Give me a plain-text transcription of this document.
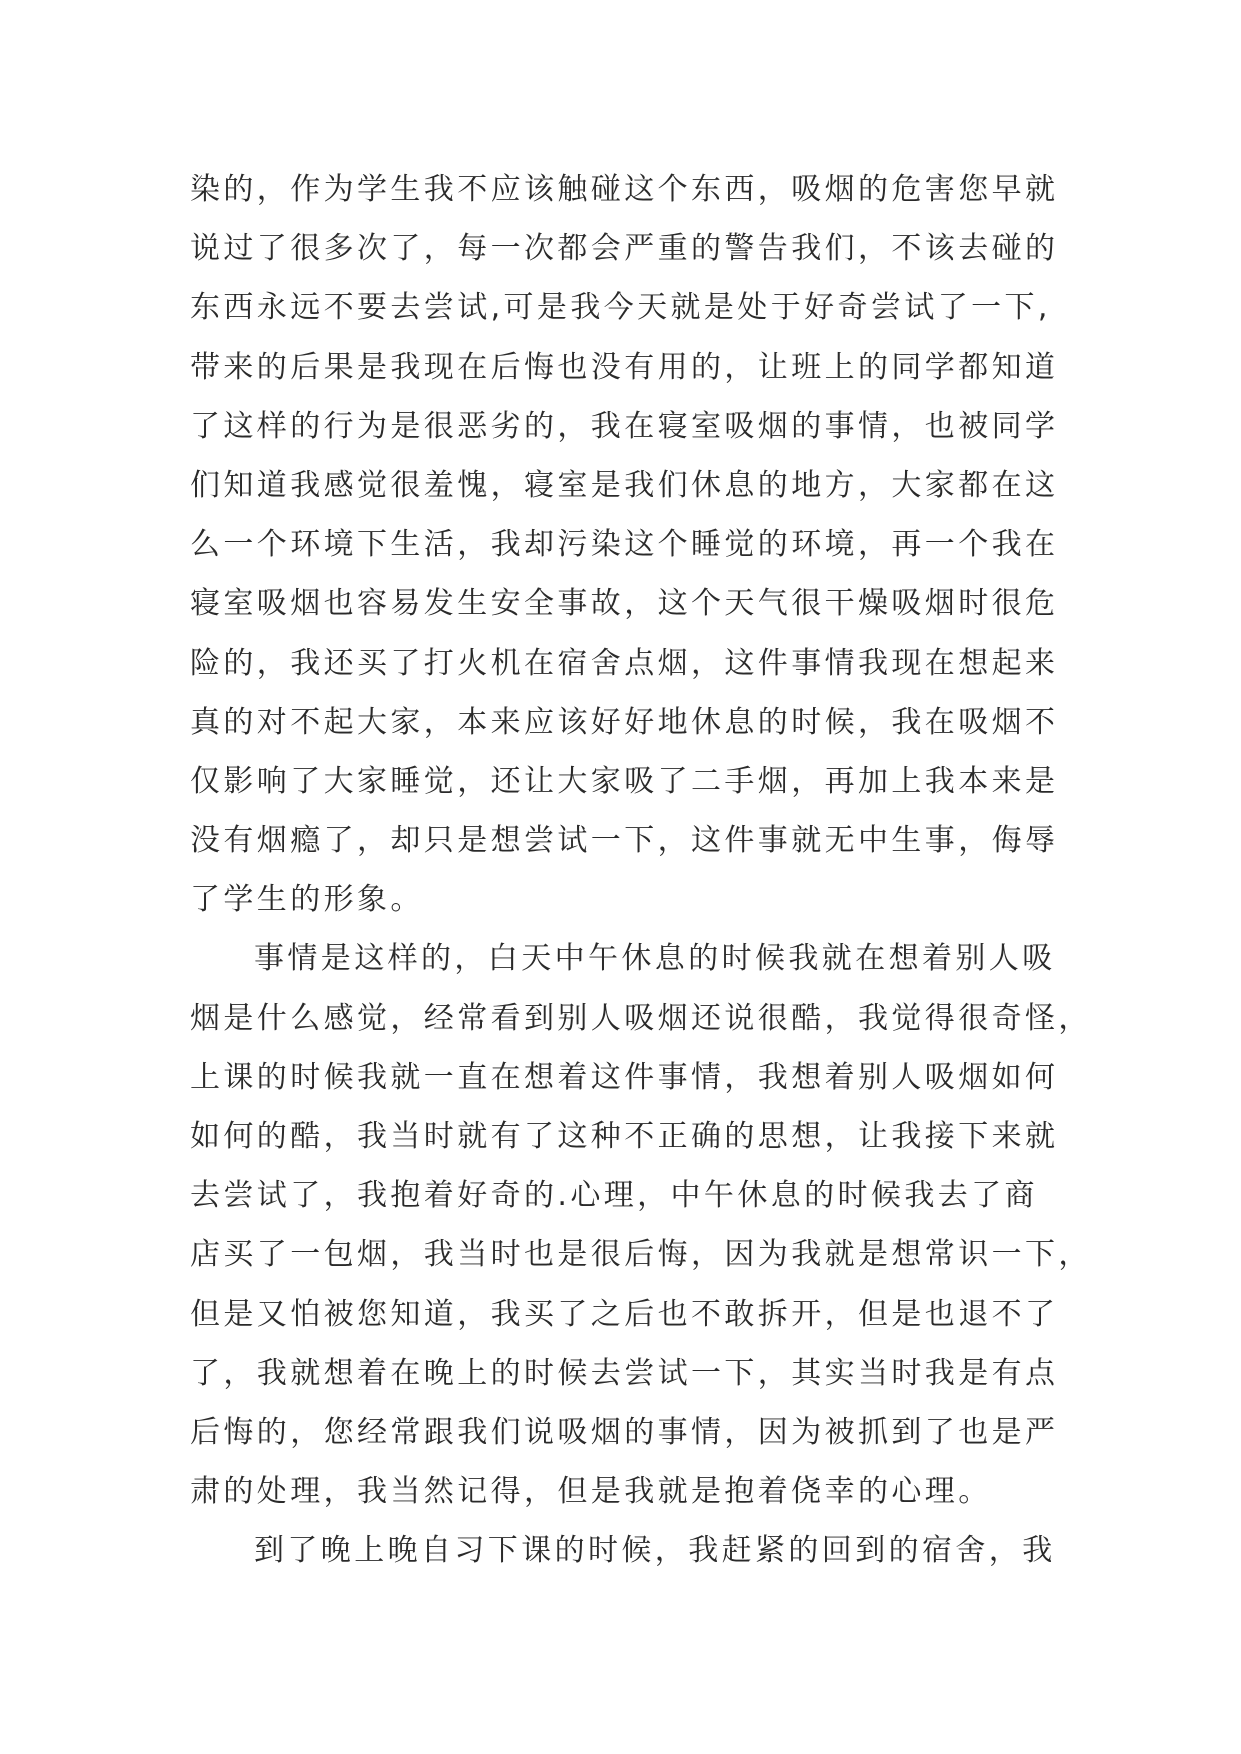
染的，作为学生我不应该触碰这个东西，吸烟的危害您早就
说过了很多次了，每一次都会严重的警告我们，不该去碰的
东西永远不要去尝试,可是我今天就是处于好奇尝试了一下,
带来的后果是我现在后悔也没有用的，让班上的同学都知道
了这样的行为是很恶劣的，我在寝室吸烟的事情，也被同学
们知道我感觉很羞愧，寝室是我们休息的地方，大家都在这
么一个环境下生活，我却污染这个睡觉的环境，再一个我在
寝室吸烟也容易发生安全事故，这个天气很干燥吸烟时很危
险的，我还买了打火机在宿舍点烟，这件事情我现在想起来
真的对不起大家，本来应该好好地休息的时候，我在吸烟不
仅影响了大家睡觉，还让大家吸了二手烟，再加上我本来是
没有烟瘾了，却只是想尝试一下，这件事就无中生事，侮辱
了学生的形象。
事情是这样的，白天中午休息的时候我就在想着别人吸
烟是什么感觉，经常看到别人吸烟还说很酷，我觉得很奇怪，
上课的时候我就一直在想着这件事情，我想着别人吸烟如何
如何的酷，我当时就有了这种不正确的思想，让我接下来就
去尝试了，我抱着好奇的.心理，中午休息的时候我去了商
店买了一包烟，我当时也是很后悔，因为我就是想常识一下，
但是又怕被您知道，我买了之后也不敢拆开，但是也退不了
了，我就想着在晚上的时候去尝试一下，其实当时我是有点
后悔的，您经常跟我们说吸烟的事情，因为被抓到了也是严
肃的处理，我当然记得，但是我就是抱着侥幸的心理。
到了晚上晚自习下课的时候，我赶紧的回到的宿舍，我
